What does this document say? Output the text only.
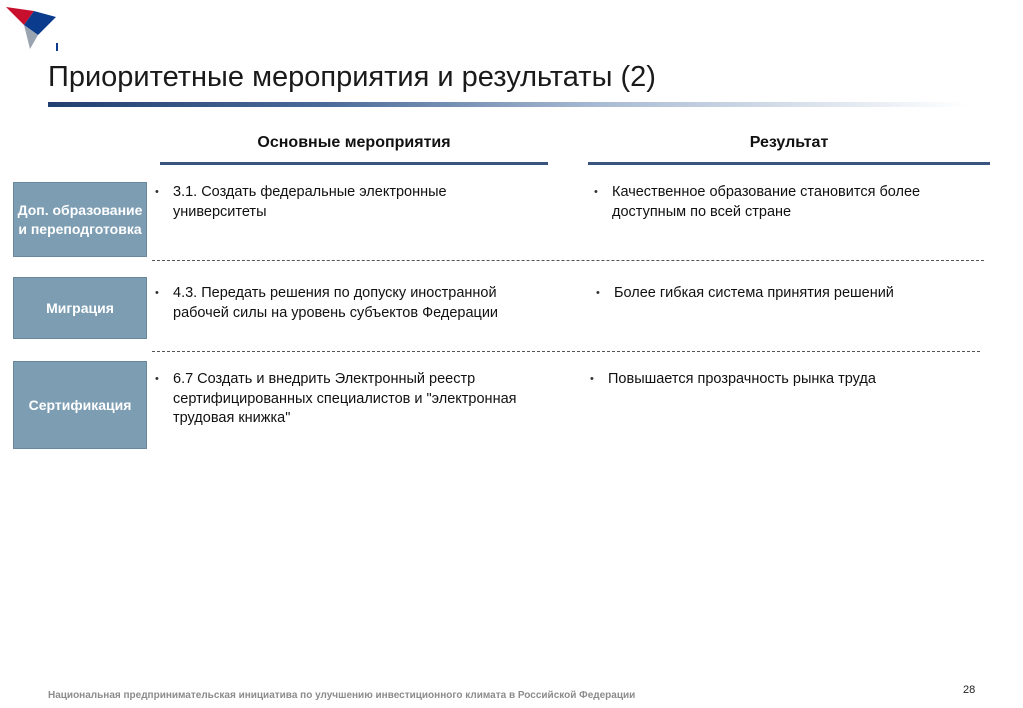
Приоритетные мероприятия и результаты (2)
Основные мероприятия	Результат
Доп. образование и переподготовка
• 3.1. Создать федеральные электронные университеты
• Качественное образование становится более доступным по всей стране
Миграция
• 4.3. Передать решения по допуску иностранной рабочей силы на уровень субъектов Федерации
• Более гибкая система принятия решений
Сертификация
• 6.7 Создать и внедрить Электронный реестр сертифицированных специалистов и "электронная трудовая книжка"
• Повышается прозрачность рынка труда
Национальная предпринимательская инициатива по улучшению инвестиционного климата в Российской Федерации	28
